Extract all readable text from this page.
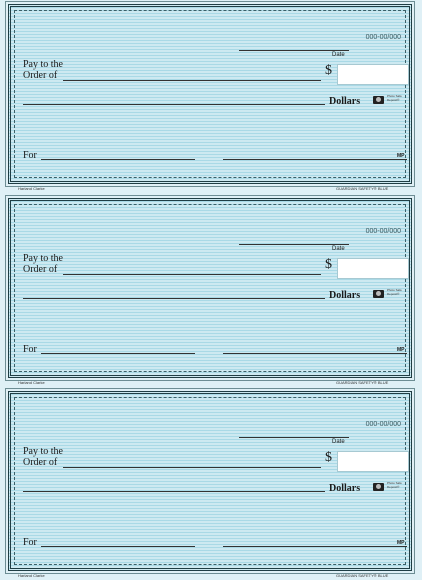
000-00/000
Date
Pay to the
Order of	$
Dollars	Photo Safe Deposit®
For	MP
Harland Clarke	GUARDIAN SAFETY® BLUE
000-00/000
Date
Pay to the
Order of	$
Dollars	Photo Safe Deposit®
For	MP
Harland Clarke	GUARDIAN SAFETY® BLUE
000-00/000
Date
Pay to the
Order of	$
Dollars	Photo Safe Deposit®
For	MP
Harland Clarke	GUARDIAN SAFETY® BLUE
